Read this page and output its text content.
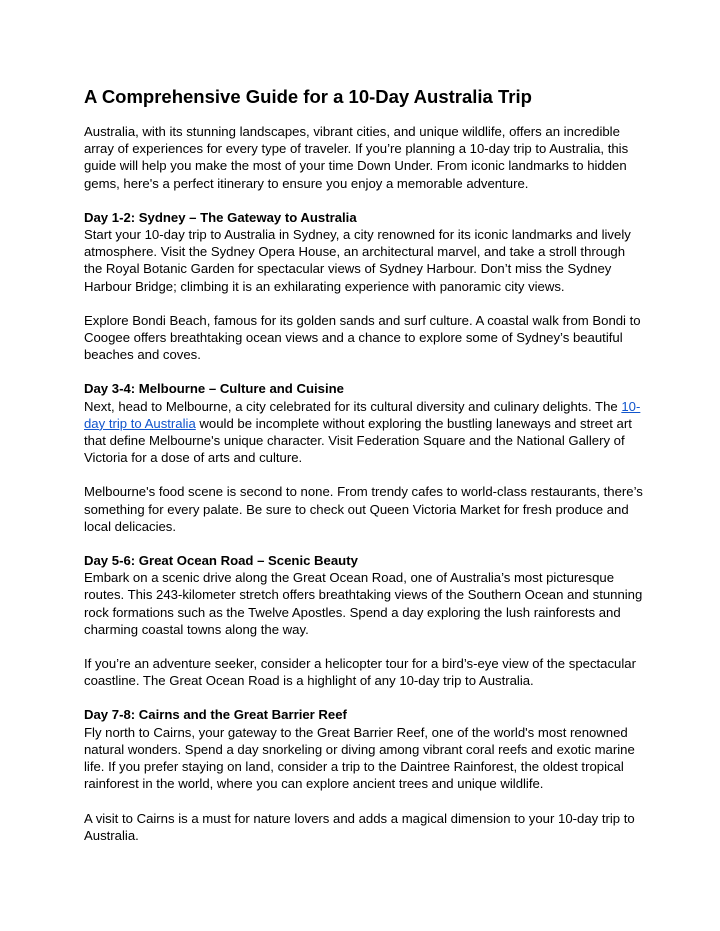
A Comprehensive Guide for a 10-Day Australia Trip

Australia, with its stunning landscapes, vibrant cities, and unique wildlife, offers an incredible array of experiences for every type of traveler. If you’re planning a 10-day trip to Australia, this guide will help you make the most of your time Down Under. From iconic landmarks to hidden gems, here's a perfect itinerary to ensure you enjoy a memorable adventure.

Day 1-2: Sydney – The Gateway to Australia
Start your 10-day trip to Australia in Sydney, a city renowned for its iconic landmarks and lively atmosphere. Visit the Sydney Opera House, an architectural marvel, and take a stroll through the Royal Botanic Garden for spectacular views of Sydney Harbour. Don’t miss the Sydney Harbour Bridge; climbing it is an exhilarating experience with panoramic city views.

Explore Bondi Beach, famous for its golden sands and surf culture. A coastal walk from Bondi to Coogee offers breathtaking ocean views and a chance to explore some of Sydney’s beautiful beaches and coves.

Day 3-4: Melbourne – Culture and Cuisine
Next, head to Melbourne, a city celebrated for its cultural diversity and culinary delights. The 10-day trip to Australia would be incomplete without exploring the bustling laneways and street art that define Melbourne's unique character. Visit Federation Square and the National Gallery of Victoria for a dose of arts and culture.

Melbourne's food scene is second to none. From trendy cafes to world-class restaurants, there’s something for every palate. Be sure to check out Queen Victoria Market for fresh produce and local delicacies.

Day 5-6: Great Ocean Road – Scenic Beauty
Embark on a scenic drive along the Great Ocean Road, one of Australia’s most picturesque routes. This 243-kilometer stretch offers breathtaking views of the Southern Ocean and stunning rock formations such as the Twelve Apostles. Spend a day exploring the lush rainforests and charming coastal towns along the way.

If you’re an adventure seeker, consider a helicopter tour for a bird’s-eye view of the spectacular coastline. The Great Ocean Road is a highlight of any 10-day trip to Australia.

Day 7-8: Cairns and the Great Barrier Reef
Fly north to Cairns, your gateway to the Great Barrier Reef, one of the world's most renowned natural wonders. Spend a day snorkeling or diving among vibrant coral reefs and exotic marine life. If you prefer staying on land, consider a trip to the Daintree Rainforest, the oldest tropical rainforest in the world, where you can explore ancient trees and unique wildlife.

A visit to Cairns is a must for nature lovers and adds a magical dimension to your 10-day trip to Australia.
